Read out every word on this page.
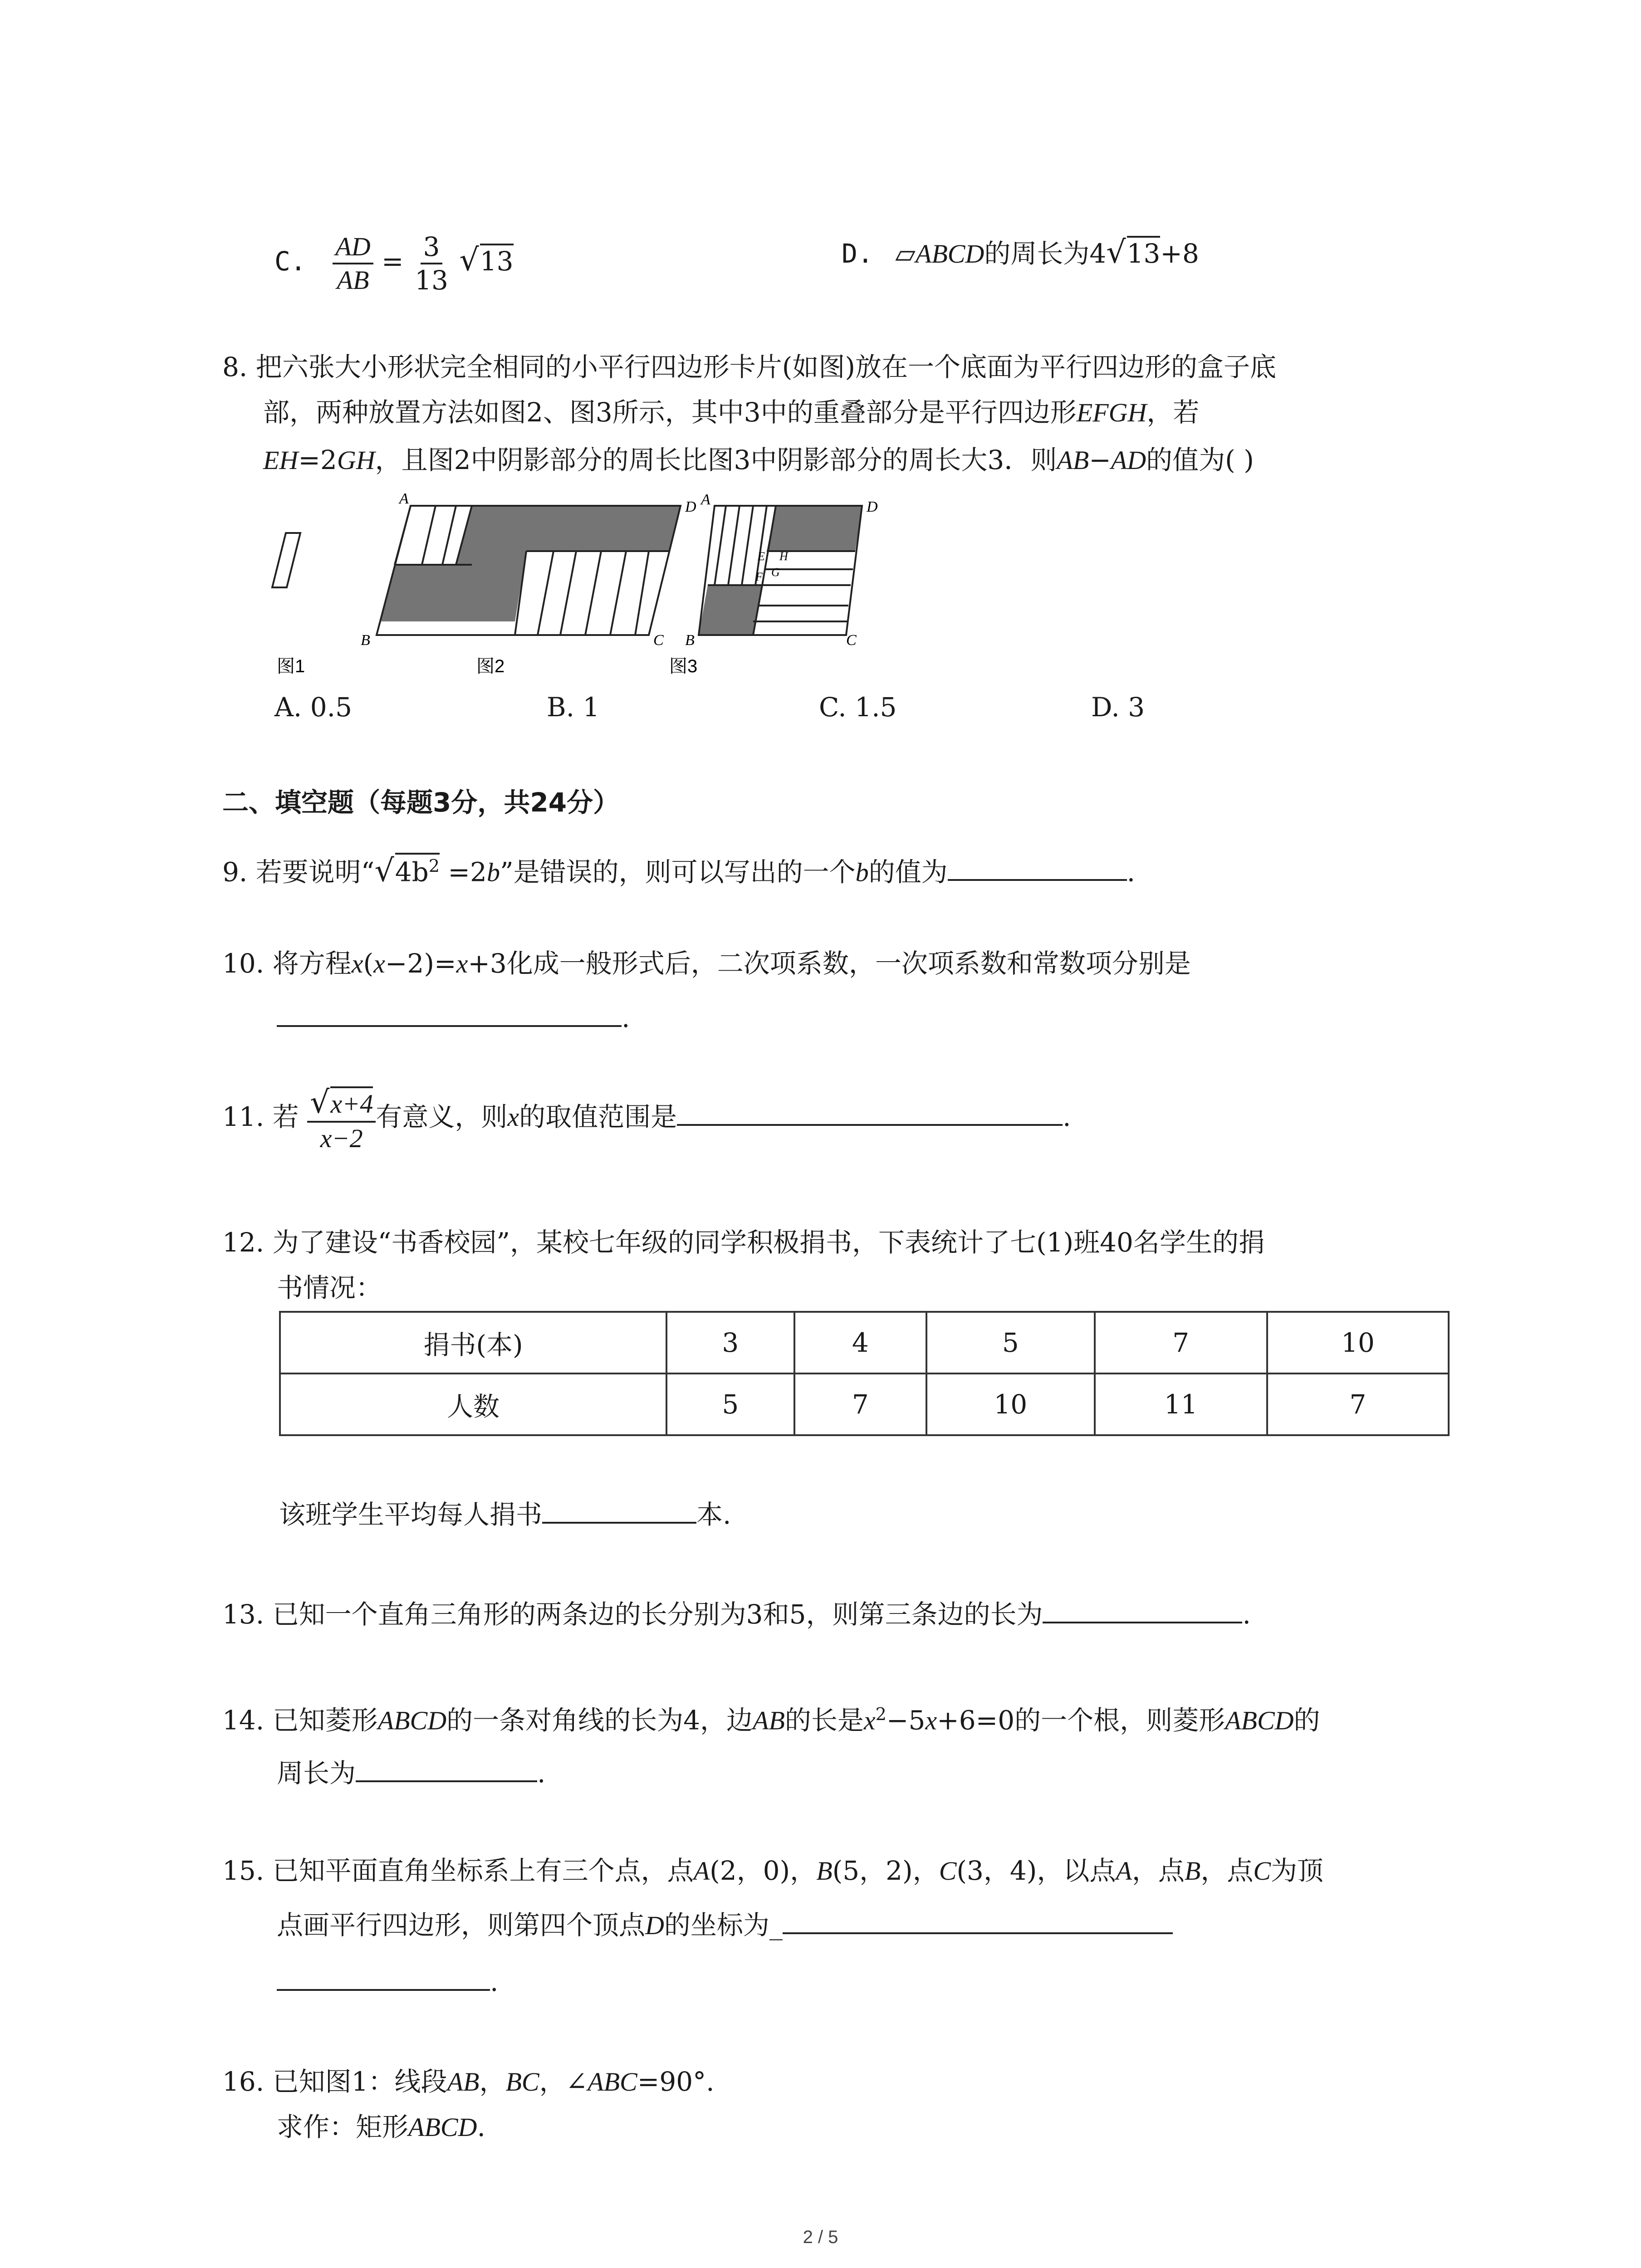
C. $\frac{AD}{AB} = \frac{3}{13} √13$	D. ▱ABCD的周长为4√13+8
8. 把六张大小形状完全相同的小平行四边形卡片(如图)放在一个底面为平行四边形的盒子底
部，两种放置方法如图2、图3所示，其中3中的重叠部分是平行四边形EFGH，若
EH=2GH，且图2中阴影部分的周长比图3中阴影部分的周长大3．则AB−AD的值为( )
A	D
B	C
A	D
B	C
E H
F G
图1	图2	图3
A. 0.5	B. 1	C. 1.5	D. 3
二、填空题（每题3分，共24分）
9. 若要说明“$√4b^2 =2b$”是错误的，则可以写出的一个b的值为	.
10. 将方程x(x−2)=x+3化成一般形式后，二次项系数，一次项系数和常数项分别是
.
11. 若 $\frac{√x+4}{x-2}$ 有意义，则x的取值范围是	.
12. 为了建设“书香校园”，某校七年级的同学积极捐书，下表统计了七(1)班40名学生的捐
书情况：
捐书(本)	3	4	5	7	10
人数	5	7	10	11	7
该班学生平均每人捐书	本.
13. 已知一个直角三角形的两条边的长分别为3和5，则第三条边的长为	.
14. 已知菱形ABCD的一条对角线的长为4，边AB的长是$x^2-5x+6=0$的一个根，则菱形ABCD的
周长为	.
15. 已知平面直角坐标系上有三个点，点A(2，0)，B(5，2)，C(3，4)，以点A，点B，点C为顶
点画平行四边形，则第四个顶点D的坐标为_
.
16. 已知图1：线段AB，BC，∠ABC=90°.
求作：矩形ABCD.
2 / 5
